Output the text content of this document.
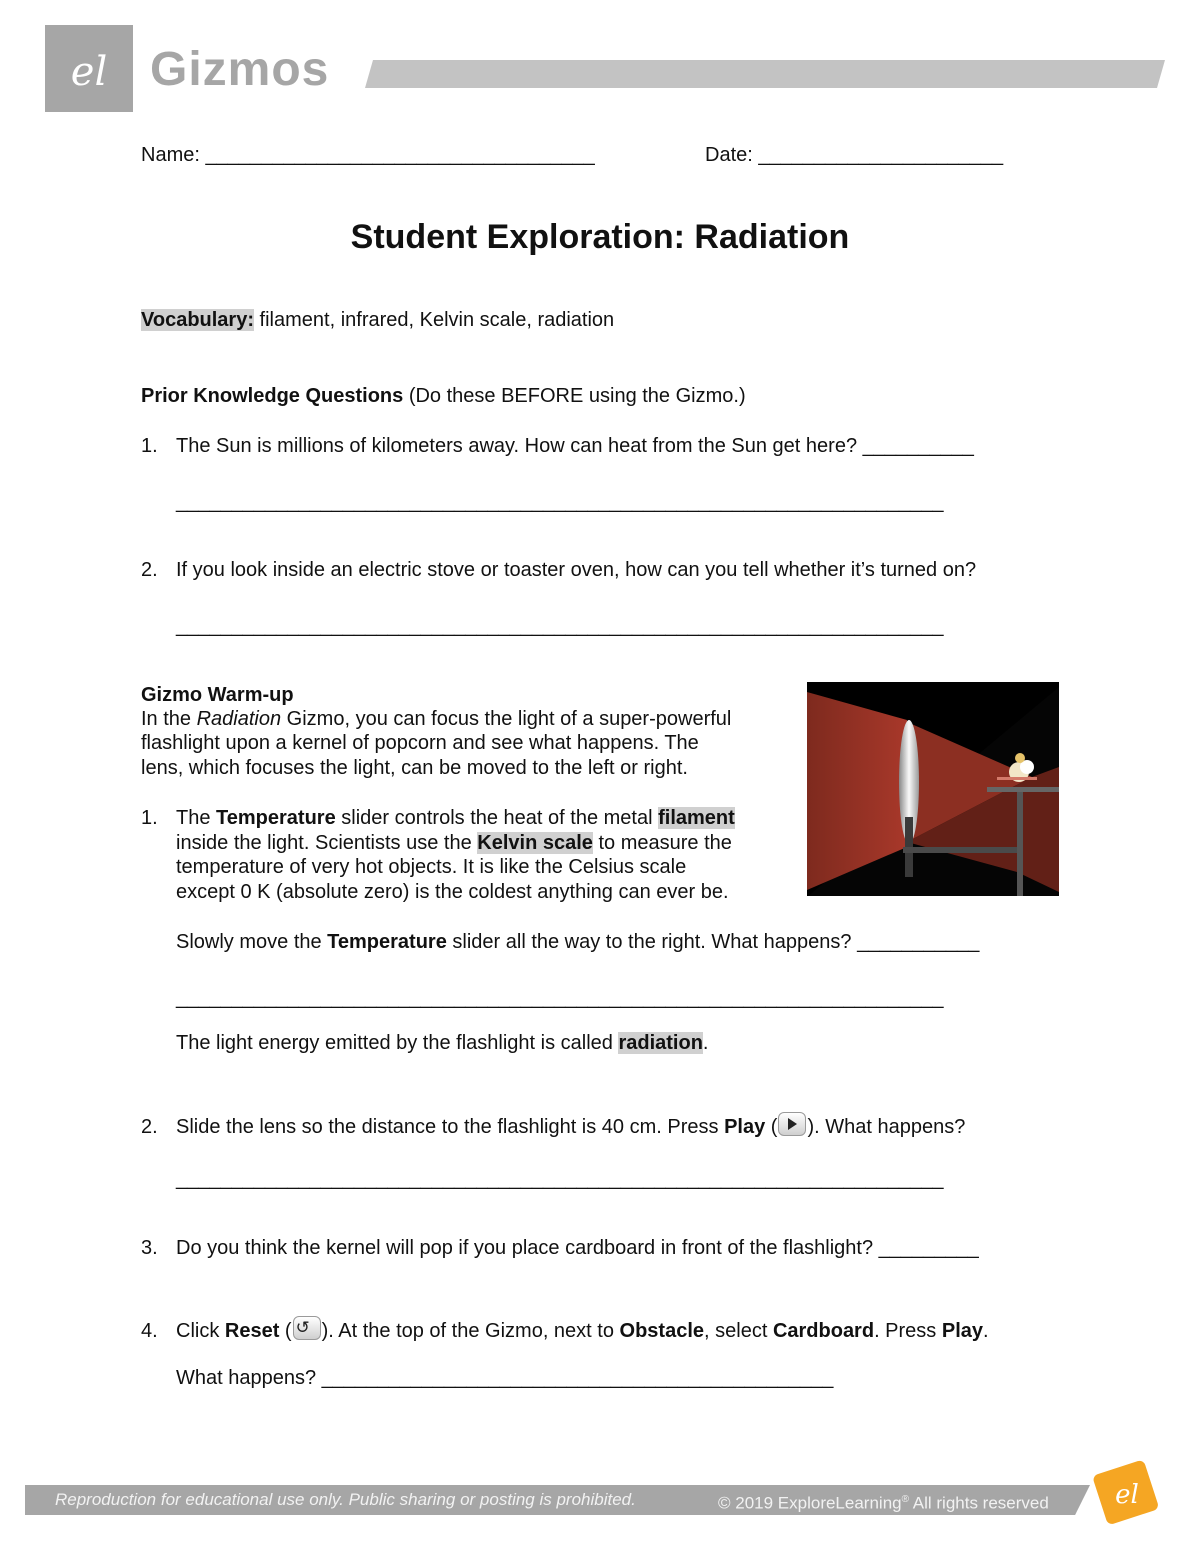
el Gizmos
Name: ___________________________________	Date: ______________________
Student Exploration: Radiation
Vocabulary: filament, infrared, Kelvin scale, radiation
Prior Knowledge Questions (Do these BEFORE using the Gizmo.)
1. The Sun is millions of kilometers away. How can heat from the Sun get here? __________
_____________________________________________________________________
2. If you look inside an electric stove or toaster oven, how can you tell whether it’s turned on?
_____________________________________________________________________
Gizmo Warm-up
In the Radiation Gizmo, you can focus the light of a super-powerful
flashlight upon a kernel of popcorn and see what happens. The
lens, which focuses the light, can be moved to the left or right.
1. The Temperature slider controls the heat of the metal filament
inside the light. Scientists use the Kelvin scale to measure the
temperature of very hot objects. It is like the Celsius scale
except 0 K (absolute zero) is the coldest anything can ever be.
Slowly move the Temperature slider all the way to the right. What happens? ___________
_____________________________________________________________________
The light energy emitted by the flashlight is called radiation.
2. Slide the lens so the distance to the flashlight is 40 cm. Press Play ( ). What happens?
_____________________________________________________________________
3. Do you think the kernel will pop if you place cardboard in front of the flashlight? _________
4. Click Reset ( ↺ ). At the top of the Gizmo, next to Obstacle, select Cardboard. Press Play.
What happens? ______________________________________________
Reproduction for educational use only. Public sharing or posting is prohibited.	© 2019 ExploreLearning® All rights reserved	el
